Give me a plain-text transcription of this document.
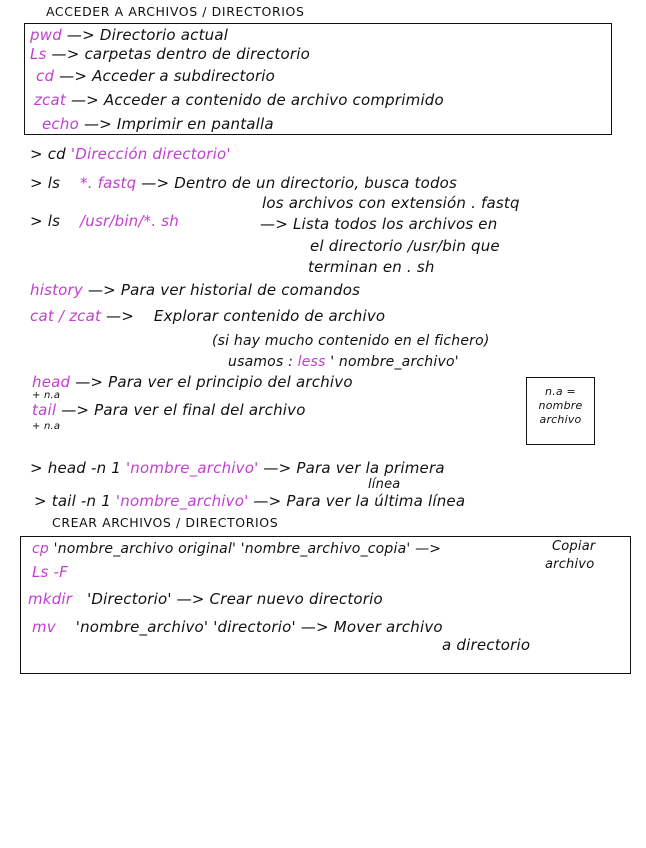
ACCEDER A ARCHIVOS / DIRECTORIOS
pwd —> Directorio actual
Ls —> carpetas dentro de directorio
cd —> Acceder a subdirectorio
zcat —> Acceder a contenido de archivo comprimido
echo —> Imprimir en pantalla
> cd 'Dirección directorio'
> ls *. fastq —> Dentro de un directorio, busca todos
los archivos con extensión . fastq
> ls /usr/bin/*. sh	—> Lista todos los archivos en
el directorio /usr/bin que
terminan en . sh
history —> Para ver historial de comandos
cat / zcat —> Explorar contenido de archivo
(si hay mucho contenido en el fichero)
usamos : less ' nombre_archivo'
head —> Para ver el principio del archivo
+ n.a
tail —> Para ver el final del archivo
+ n.a
n.a =
nombre
archivo
> head -n 1 'nombre_archivo' —> Para ver la primera
línea
> tail -n 1 'nombre_archivo' —> Para ver la última línea
CREAR ARCHIVOS / DIRECTORIOS
cp 'nombre_archivo original' 'nombre_archivo_copia' —>	Copiar
archivo
Ls -F
mkdir 'Directorio' —> Crear nuevo directorio
mv 'nombre_archivo' 'directorio' —> Mover archivo
a directorio
